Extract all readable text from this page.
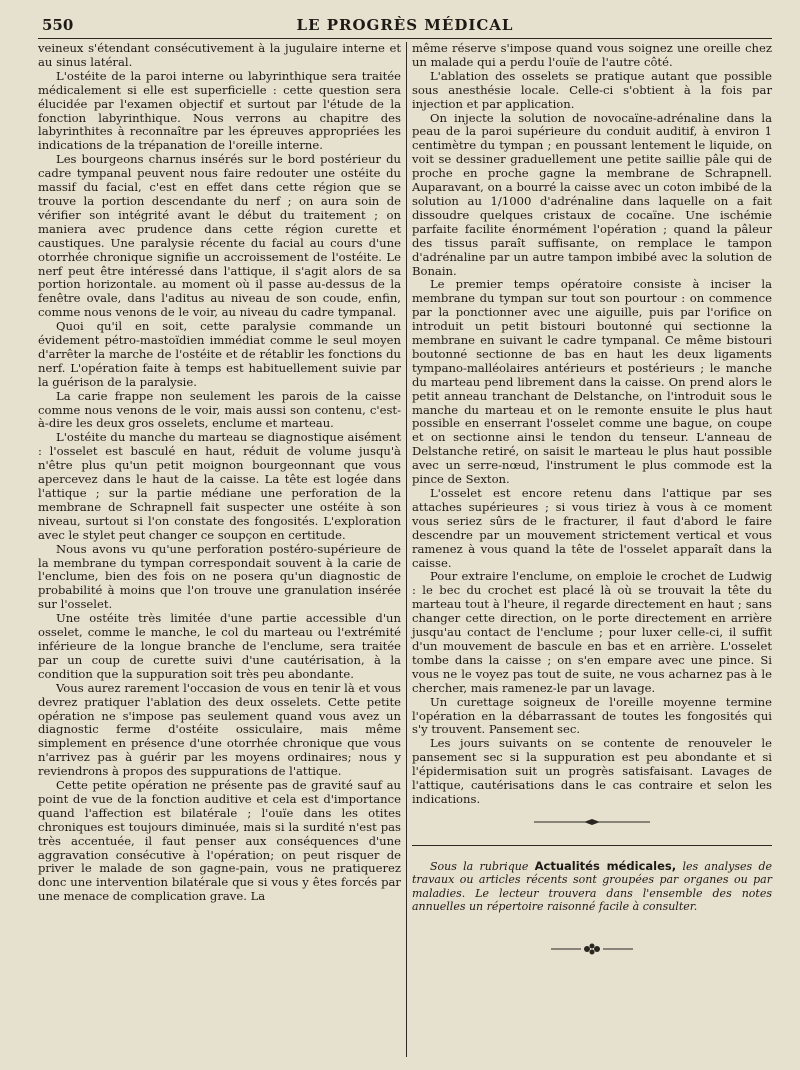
550	LE PROGRÈS MÉDICAL

veineux s'étendant consécutivement à la jugulaire interne et au sinus latéral.

L'ostéite de la paroi interne ou labyrinthique sera traitée médicalement si elle est superficielle : cette question sera élucidée par l'examen objectif et surtout par l'étude de la fonction labyrinthique. Nous verrons au chapitre des labyrinthites à reconnaître par les épreuves appropriées les indications de la trépanation de l'oreille interne.

Les bourgeons charnus insérés sur le bord postérieur du cadre tympanal peuvent nous faire redouter une ostéite du massif du facial, c'est en effet dans cette région que se trouve la portion descendante du nerf ; on aura soin de vérifier son intégrité avant le début du traitement ; on maniera avec prudence dans cette région curette et caustiques. Une paralysie récente du facial au cours d'une otorrhée chronique signifie un accroissement de l'ostéite. Le nerf peut être intéressé dans l'attique, il s'agit alors de sa portion horizontale. au moment où il passe au-dessus de la fenêtre ovale, dans l'aditus au niveau de son coude, enfin, comme nous venons de le voir, au niveau du cadre tympanal.

Quoi qu'il en soit, cette paralysie commande un évidement pétro-mastoïdien immédiat comme le seul moyen d'arrêter la marche de l'ostéite et de rétablir les fonctions du nerf. L'opération faite à temps est habituellement suivie par la guérison de la paralysie.

La carie frappe non seulement les parois de la caisse comme nous venons de le voir, mais aussi son contenu, c'est-à-dire les deux gros osselets, enclume et marteau.

L'ostéite du manche du marteau se diagnostique aisément : l'osselet est basculé en haut, réduit de volume jusqu'à n'être plus qu'un petit moignon bourgeonnant que vous apercevez dans le haut de la caisse. La tête est logée dans l'attique ; sur la partie médiane une perforation de la membrane de Schrapnell fait suspecter une ostéite à son niveau, surtout si l'on constate des fongosités. L'exploration avec le stylet peut changer ce soupçon en certitude.

Nous avons vu qu'une perforation postéro-supérieure de la membrane du tympan correspondait souvent à la carie de l'enclume, bien des fois on ne posera qu'un diagnostic de probabilité à moins que l'on trouve une granulation insérée sur l'osselet.

Une ostéite très limitée d'une partie accessible d'un osselet, comme le manche, le col du marteau ou l'extrémité inférieure de la longue branche de l'enclume, sera traitée par un coup de curette suivi d'une cautérisation, à la condition que la suppuration soit très peu abondante.

Vous aurez rarement l'occasion de vous en tenir là et vous devrez pratiquer l'ablation des deux osselets. Cette petite opération ne s'impose pas seulement quand vous avez un diagnostic ferme d'ostéite ossiculaire, mais même simplement en présence d'une otorrhée chronique que vous n'arrivez pas à guérir par les moyens ordinaires; nous y reviendrons à propos des suppurations de l'attique.

Cette petite opération ne présente pas de gravité sauf au point de vue de la fonction auditive et cela est d'importance quand l'affection est bilatérale ; l'ouïe dans les otites chroniques est toujours diminuée, mais si la surdité n'est pas très accentuée, il faut penser aux conséquences d'une aggravation consécutive à l'opération; on peut risquer de priver le malade de son gagne-pain, vous ne pratiquerez donc une intervention bilatérale que si vous y êtes forcés par une menace de complication grave. La

même réserve s'impose quand vous soignez une oreille chez un malade qui a perdu l'ouïe de l'autre côté.

L'ablation des osselets se pratique autant que possible sous anesthésie locale. Celle-ci s'obtient à la fois par injection et par application.

On injecte la solution de novocaïne-adrénaline dans la peau de la paroi supérieure du conduit auditif, à environ 1 centimètre du tympan ; en poussant lentement le liquide, on voit se dessiner graduellement une petite saillie pâle qui de proche en proche gagne la membrane de Schrapnell. Auparavant, on a bourré la caisse avec un coton imbibé de la solution au 1/1000 d'adrénaline dans laquelle on a fait dissoudre quelques cristaux de cocaïne. Une ischémie parfaite facilite énormément l'opération ; quand la pâleur des tissus paraît suffisante, on remplace le tampon d'adrénaline par un autre tampon imbibé avec la solution de Bonain.

Le premier temps opératoire consiste à inciser la membrane du tympan sur tout son pourtour : on commence par la ponctionner avec une aiguille, puis par l'orifice on introduit un petit bistouri boutonné qui sectionne la membrane en suivant le cadre tympanal. Ce même bistouri boutonné sectionne de bas en haut les deux ligaments tympano-malléolaires antérieurs et postérieurs ; le manche du marteau pend librement dans la caisse. On prend alors le petit anneau tranchant de Delstanche, on l'introduit sous le manche du marteau et on le remonte ensuite le plus haut possible en enserrant l'osselet comme une bague, on coupe et on sectionne ainsi le tendon du tenseur. L'anneau de Delstanche retiré, on saisit le marteau le plus haut possible avec un serre-nœud, l'instrument le plus commode est la pince de Sexton.

L'osselet est encore retenu dans l'attique par ses attaches supérieures ; si vous tiriez à vous à ce moment vous seriez sûrs de le fracturer, il faut d'abord le faire descendre par un mouvement strictement vertical et vous ramenez à vous quand la tête de l'osselet apparaît dans la caisse.

Pour extraire l'enclume, on emploie le crochet de Ludwig : le bec du crochet est placé là où se trouvait la tête du marteau tout à l'heure, il regarde directement en haut ; sans changer cette direction, on le porte directement en arrière jusqu'au contact de l'enclume ; pour luxer celle-ci, il suffit d'un mouvement de bascule en bas et en arrière. L'osselet tombe dans la caisse ; on s'en empare avec une pince. Si vous ne le voyez pas tout de suite, ne vous acharnez pas à le chercher, mais ramenez-le par un lavage.

Un curettage soigneux de l'oreille moyenne termine l'opération en la débarrassant de toutes les fongosités qui s'y trouvent. Pansement sec.

Les jours suivants on se contente de renouveler le pansement sec si la suppuration est peu abondante et si l'épidermisation suit un progrès satisfaisant. Lavages de l'attique, cautérisations dans le cas contraire et selon les indications.

Sous la rubrique Actualités médicales, les analyses de travaux ou articles récents sont groupées par organes ou par maladies. Le lecteur trouvera dans l'ensemble des notes annuelles un répertoire raisonné facile à consulter.
